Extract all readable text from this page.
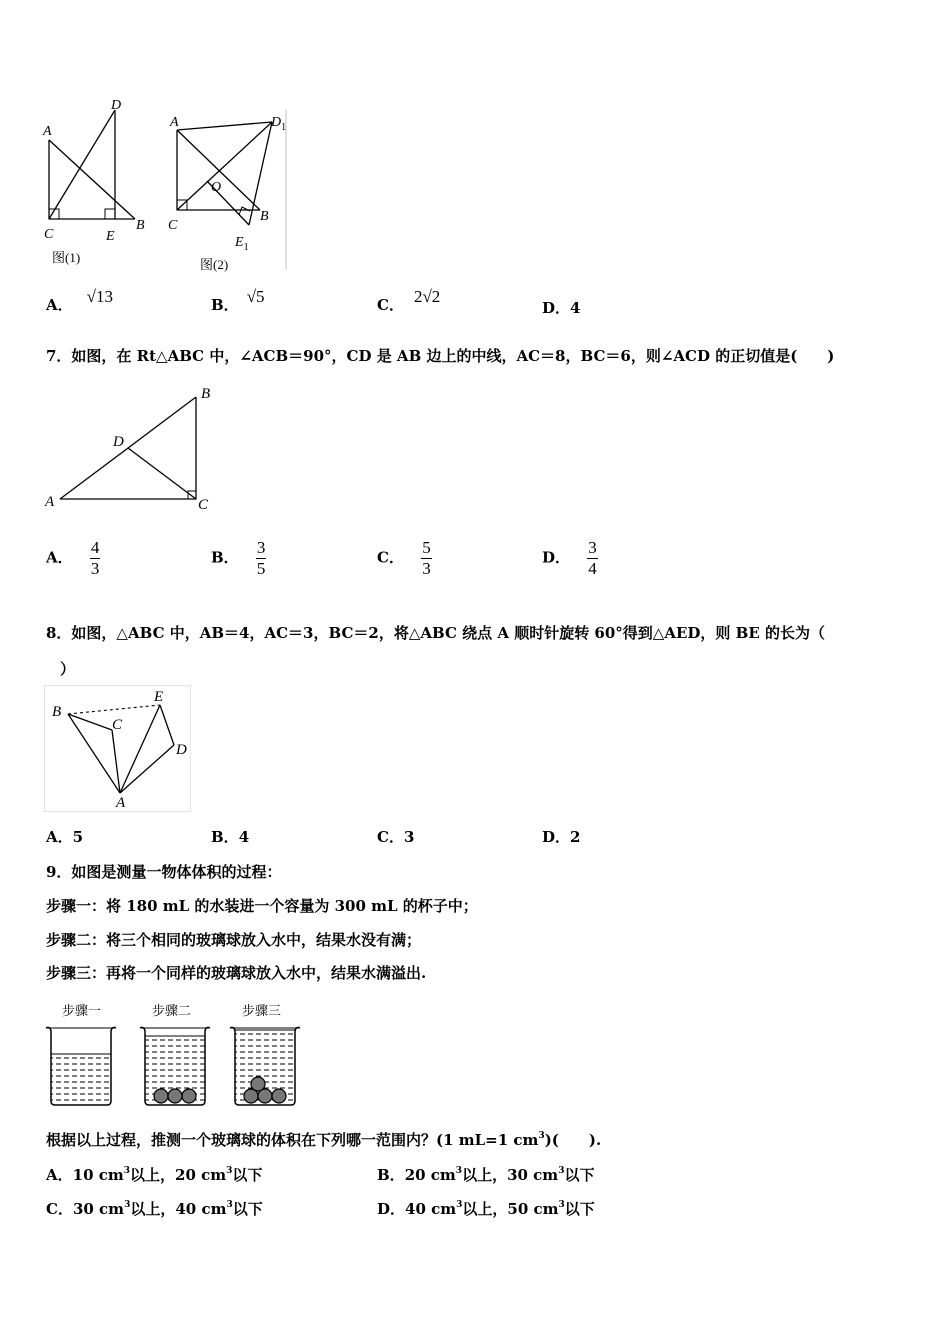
A
D
C	E
B
图(1)
A	$D_1$
O
C
B
$E_1$
图(2)
A． √13	B． √5	C． 2√2
D．4
7．如图，在 Rt△ABC 中，∠ACB＝90°，CD 是 AB 边上的中线，AC＝8，BC＝6，则∠ACD 的正切值是(　　)
A
B
C
D
A． $\frac{4}{3}$	B． $\frac{3}{5}$	C． $\frac{5}{3}$	D． $\frac{3}{4}$
8．如图，△ABC 中，AB＝4，AC＝3，BC＝2，将△ABC 绕点 A 顺时针旋转 60°得到△AED，则 BE 的长为（
）
B
C
E
D
A
A．5	B．4	C．3	D．2
9．如图是测量一物体体积的过程：
步骤一：将 180 mL 的水装进一个容量为 300 mL 的杯子中；
步骤二：将三个相同的玻璃球放入水中，结果水没有满；
步骤三：再将一个同样的玻璃球放入水中，结果水满溢出.
步骤一	步骤二	步骤三
根据以上过程，推测一个玻璃球的体积在下列哪一范围内？(1 mL=1 $cm^3$)(　　).
A．10 $cm^3$以上，20 $cm^3$以下	B．20 $cm^3$以上，30 $cm^3$以下
C．30 $cm^3$以上，40 $cm^3$以下	D．40 $cm^3$以上，50 $cm^3$以下
